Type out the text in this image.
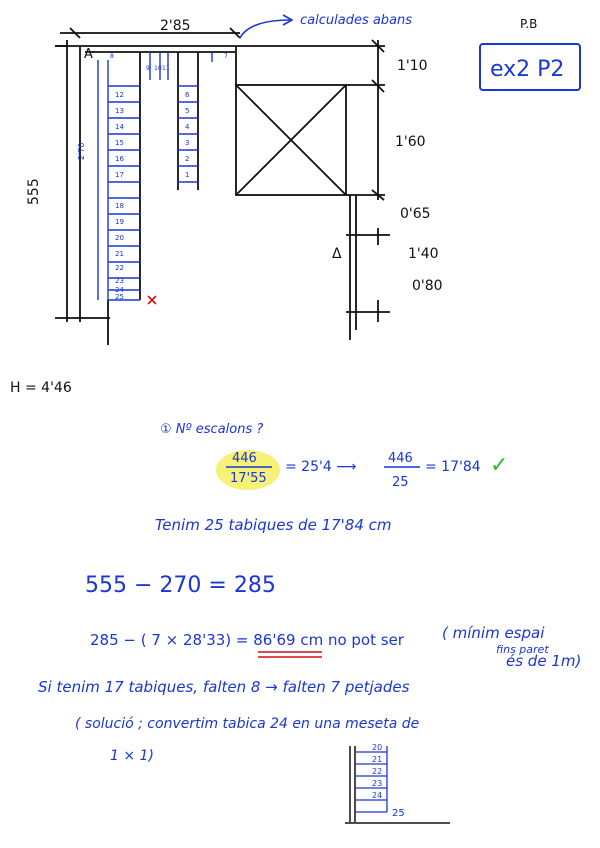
P.B
ex2 P2
calculades abans
12
13
14
15
16
17
18
19
20
21
22
23
24
25
6
5
4
3
2
1
8
9 10 11
7
2'85
A
555
2'70
Δ
1'10
1'60
0'65
1'40
0'80
H = 4'46
① Nº escalons ?
446
17'55
= 25'4 ⟶
446
25
= 17'84 ✓
Tenim 25 tabiques de 17'84 cm
555 − 270 = 285
285 − ( 7 × 28'33) = 86'69 cm no pot ser	( mínim espai
fins paret
és de 1m)
Si tenim 17 tabiques, falten 8 → falten 7 petjades
( solució ; convertim tabica 24 en una meseta de
1 × 1)
20
21
22
23
24
25
